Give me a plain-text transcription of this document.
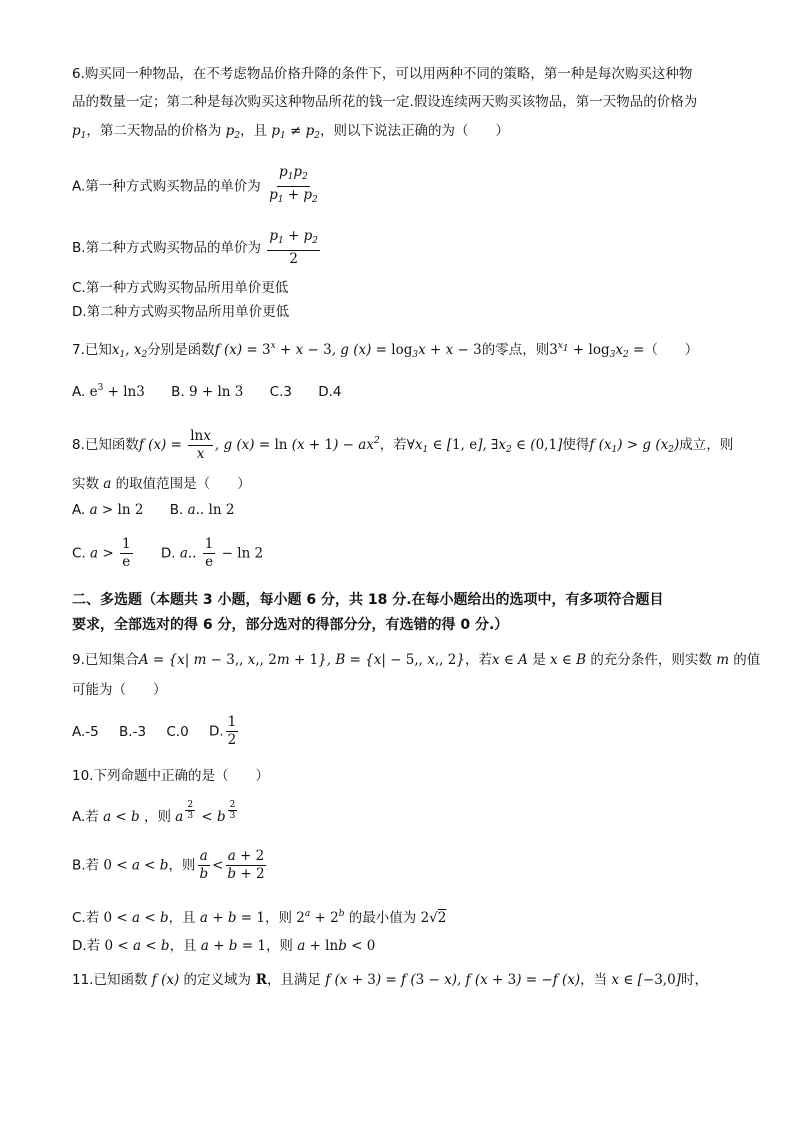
6.购买同一种物品，在不考虑物品价格升降的条件下，可以用两种不同的策略，第一种是每次购买这种物
品的数量一定；第二种是每次购买这种物品所花的钱一定.假设连续两天购买该物品，第一天物品的价格为
$p_1$，第二天物品的价格为 $p_2$，且 $p_1 \ne p_2$，则以下说法正确的为（　　）
A.第一种方式购买物品的单价为 $\frac{p_1p_2}{p_1 + p_2}$
B.第二种方式购买物品的单价为 $\frac{p_1 + p_2}{2}$
C.第一种方式购买物品所用单价更低
D.第二种方式购买物品所用单价更低
7.已知$x_1$, $x_2$分别是函数f $(x) = 3^x + x - 3$, g $(x) = \log_3x + x - 3$的零点，则$3^{x_1} + \log_3x_2$ =（　　）
A. $e^3 + \ln 3$ B. 9 + ln 3 C.3 D.4
8.已知函数f $(x) = \frac{\ln x}{x}$ , g $(x) = \ln (x + 1) - ax^2$，若$\forall x_1$ ∈ [1, e], $\exists x_2$ ∈ (0,1]使得f $(x_1) > g$ $(x_2)$成立，则
实数 a 的取值范围是（　　）
A. a > ln 2 B. a.. ln 2
C. $a > \frac{1}{e} D$. a.. $\frac{1}{e} - \ln 2$
二、多选题（本题共 3 小题，每小题 6 分，共 18 分.在每小题给出的选项中，有多项符合题目
要求，全部选对的得 6 分，部分选对的得部分分，有选错的得 0 分.）
9.已知集合A = {x| m − 3,, x,, 2m + 1}, B = {x| − 5,, x,, 2}，若x ∈ A 是 x ∈ B 的充分条件，则实数 m 的值
可能为（　　）
A.-5 B.-3 C.0 D. $\frac{1}{2}$
10.下列命题中正确的是（　　）
A.若 a < b ，则 a $^{\frac{2}{3}}$ < b $^{\frac{2}{3}}$
B.若 0 < a < b，则 $\frac{a}{b} < \frac{a + 2}{b + 2}$
C.若 0 < a < b，且 a + b = 1，则 $2^a + 2^b$ 的最小值为 2√2
D.若 0 < a < b，且 a + b = 1，则 a + lnb < 0
11.已知函数 f (x) 的定义域为 R，且满足 f (x + 3) = f (3 − x), f (x + 3) = −f (x)，当 x ∈ [−3,0]时，
